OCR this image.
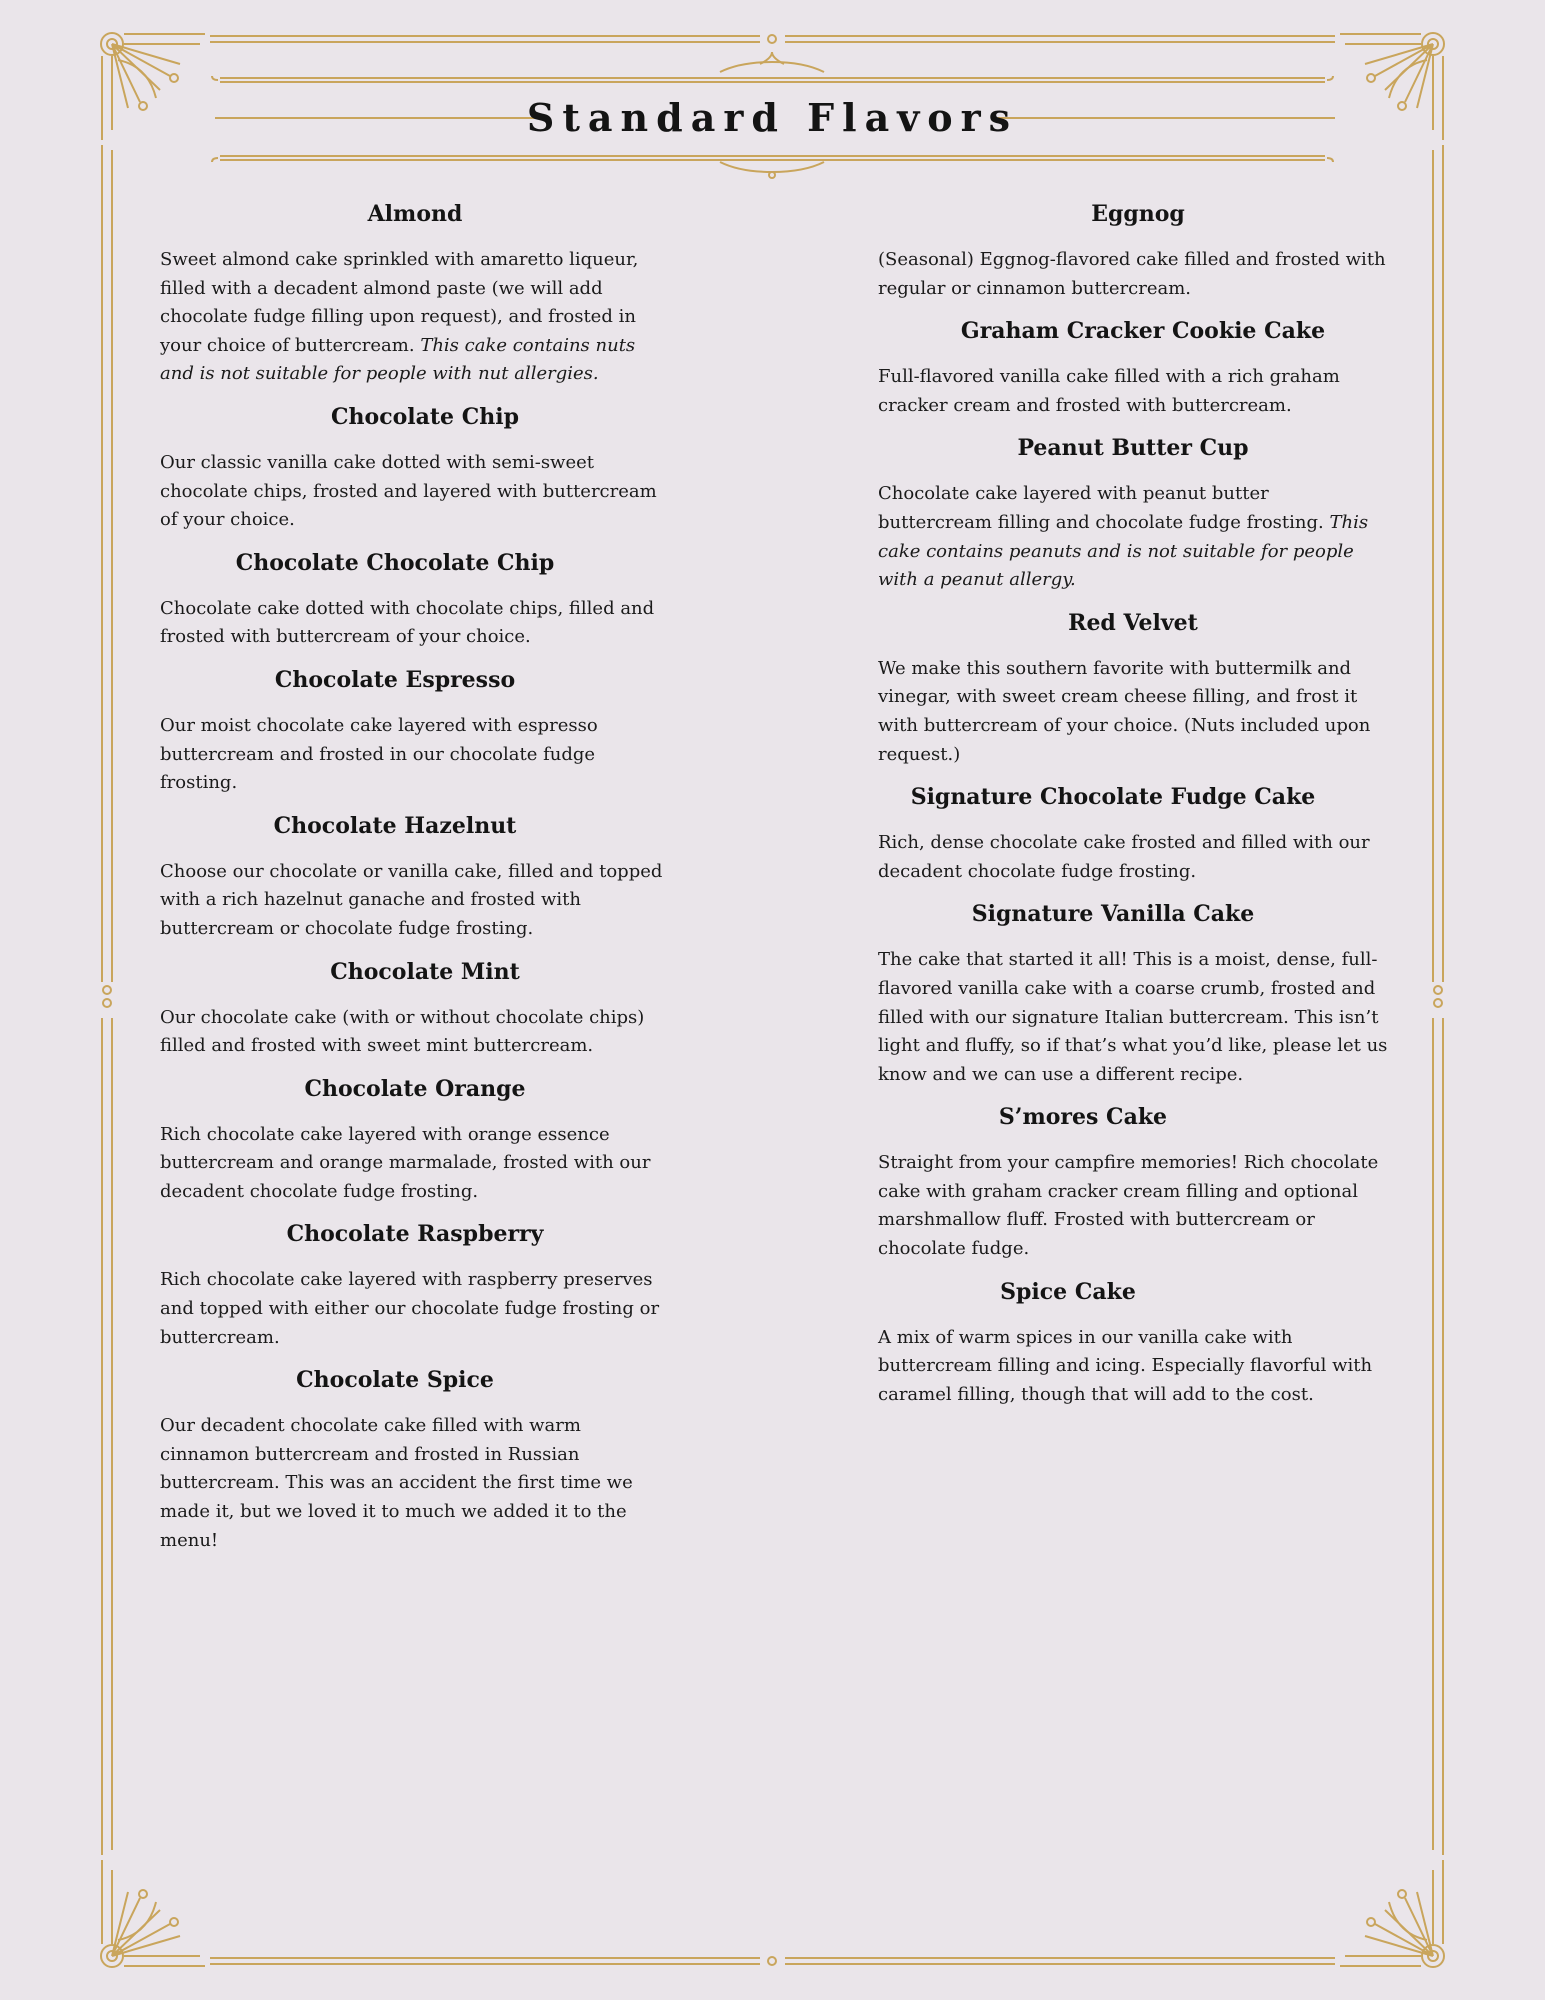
Standard Flavors
Almond

Sweet almond cake sprinkled with amaretto liqueur, filled with a decadent almond paste (we will add chocolate fudge filling upon request), and frosted in your choice of buttercream. This cake contains nuts and is not suitable for people with nut allergies.

Chocolate Chip

Our classic vanilla cake dotted with semi-sweet chocolate chips, frosted and layered with buttercream of your choice.

Chocolate Chocolate Chip

Chocolate cake dotted with chocolate chips, filled and frosted with buttercream of your choice.

Chocolate Espresso

Our moist chocolate cake layered with espresso buttercream and frosted in our chocolate fudge frosting.

Chocolate Hazelnut

Choose our chocolate or vanilla cake, filled and topped with a rich hazelnut ganache and frosted with buttercream or chocolate fudge frosting.

Chocolate Mint

Our chocolate cake (with or without chocolate chips) filled and frosted with sweet mint buttercream.

Chocolate Orange

Rich chocolate cake layered with orange essence buttercream and orange marmalade, frosted with our decadent chocolate fudge frosting.

Chocolate Raspberry

Rich chocolate cake layered with raspberry preserves and topped with either our chocolate fudge frosting or buttercream.

Chocolate Spice

Our decadent chocolate cake filled with warm cinnamon buttercream and frosted in Russian buttercream. This was an accident the first time we made it, but we loved it to much we added it to the menu!

Eggnog

(Seasonal) Eggnog-flavored cake filled and frosted with regular or cinnamon buttercream.

Graham Cracker Cookie Cake

Full-flavored vanilla cake filled with a rich graham cracker cream and frosted with buttercream.

Peanut Butter Cup

Chocolate cake layered with peanut butter buttercream filling and chocolate fudge frosting. This cake contains peanuts and is not suitable for people with a peanut allergy.

Red Velvet

We make this southern favorite with buttermilk and vinegar, with sweet cream cheese filling, and frost it with buttercream of your choice. (Nuts included upon request.)

Signature Chocolate Fudge Cake

Rich, dense chocolate cake frosted and filled with our decadent chocolate fudge frosting.

Signature Vanilla Cake

The cake that started it all! This is a moist, dense, full-flavored vanilla cake with a coarse crumb, frosted and filled with our signature Italian buttercream. This isn’t light and fluffy, so if that’s what you’d like, please let us know and we can use a different recipe.

S’mores Cake

Straight from your campfire memories! Rich chocolate cake with graham cracker cream filling and optional marshmallow fluff. Frosted with buttercream or chocolate fudge.

Spice Cake

A mix of warm spices in our vanilla cake with buttercream filling and icing. Especially flavorful with caramel filling, though that will add to the cost.
